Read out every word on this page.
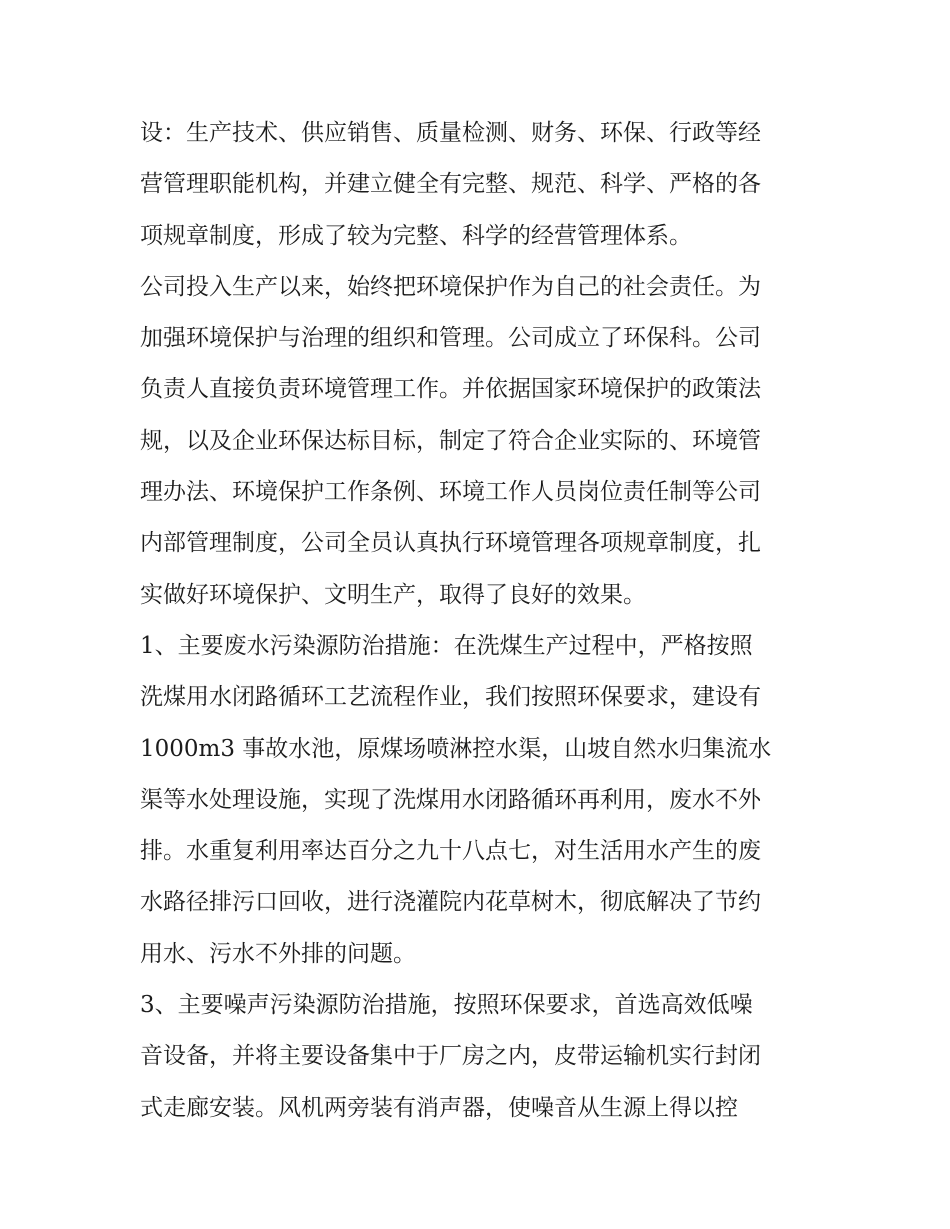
设：生产技术、供应销售、质量检测、财务、环保、行政等经
营管理职能机构，并建立健全有完整、规范、科学、严格的各
项规章制度，形成了较为完整、科学的经营管理体系。
公司投入生产以来，始终把环境保护作为自己的社会责任。为
加强环境保护与治理的组织和管理。公司成立了环保科。公司
负责人直接负责环境管理工作。并依据国家环境保护的政策法
规，以及企业环保达标目标，制定了符合企业实际的、环境管
理办法、环境保护工作条例、环境工作人员岗位责任制等公司
内部管理制度，公司全员认真执行环境管理各项规章制度，扎
实做好环境保护、文明生产，取得了良好的效果。
1、主要废水污染源防治措施：在洗煤生产过程中，严格按照
洗煤用水闭路循环工艺流程作业，我们按照环保要求，建设有
1000m3 事故水池，原煤场喷淋控水渠，山坡自然水归集流水
渠等水处理设施，实现了洗煤用水闭路循环再利用，废水不外
排。水重复利用率达百分之九十八点七，对生活用水产生的废
水路径排污口回收，进行浇灌院内花草树木，彻底解决了节约
用水、污水不外排的问题。
3、主要噪声污染源防治措施，按照环保要求，首选高效低噪
音设备，并将主要设备集中于厂房之内，皮带运输机实行封闭
式走廊安装。风机两旁装有消声器，使噪音从生源上得以控
